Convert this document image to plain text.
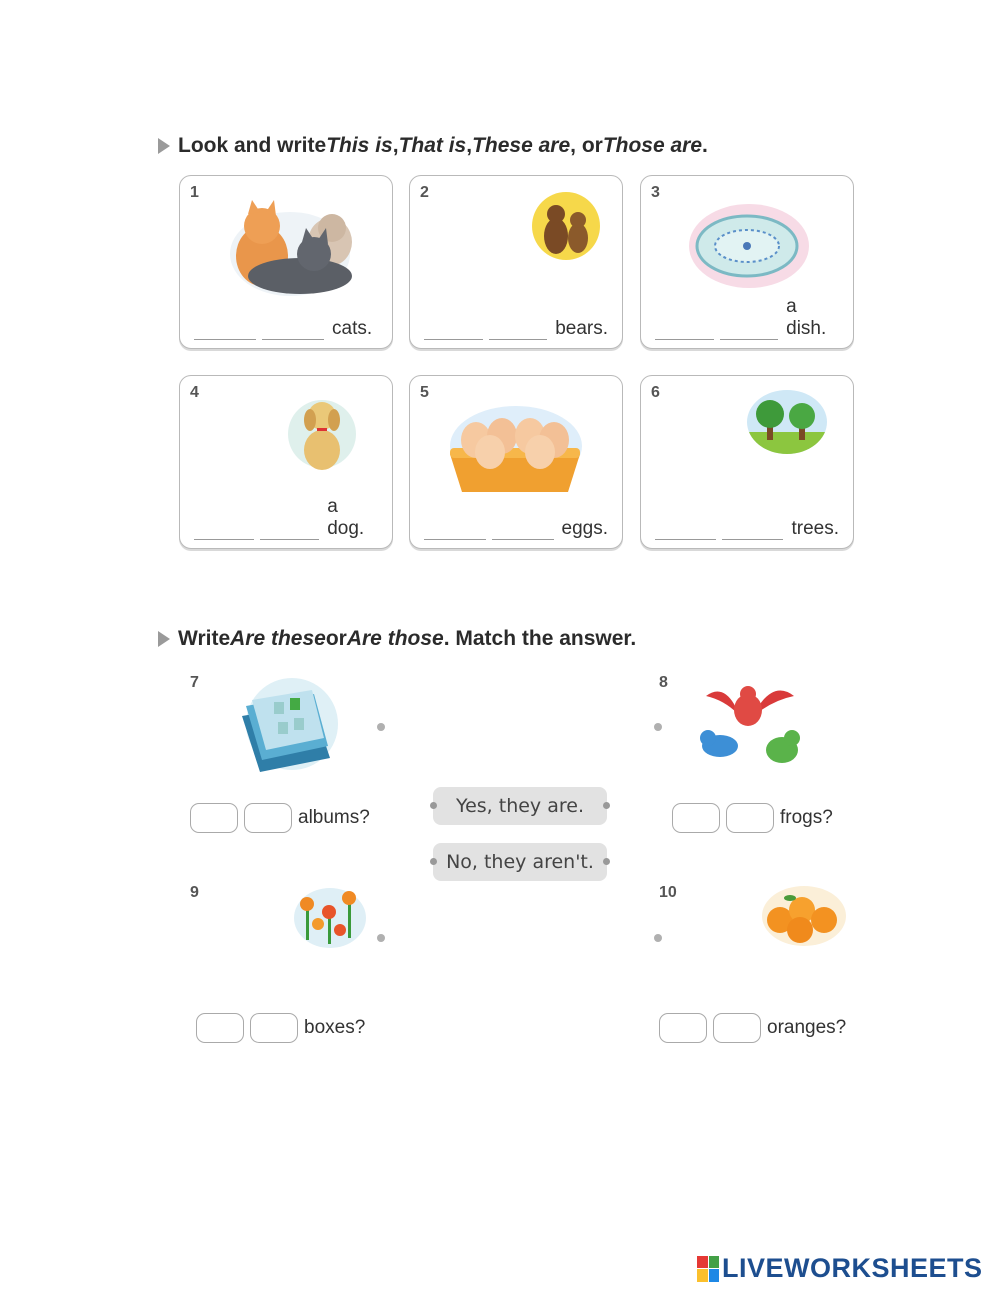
Look and write This is , That is , These are , or Those are .
1
cats.
2
bears.
3
a dish.
4
a dog.
5
eggs.
6
trees.
Write Are these or Are those . Match the answer.
7
albums?
8
frogs?
Yes, they are.
No, they aren't.
9
boxes?
10
oranges?
LIVEWORKSHEETS
